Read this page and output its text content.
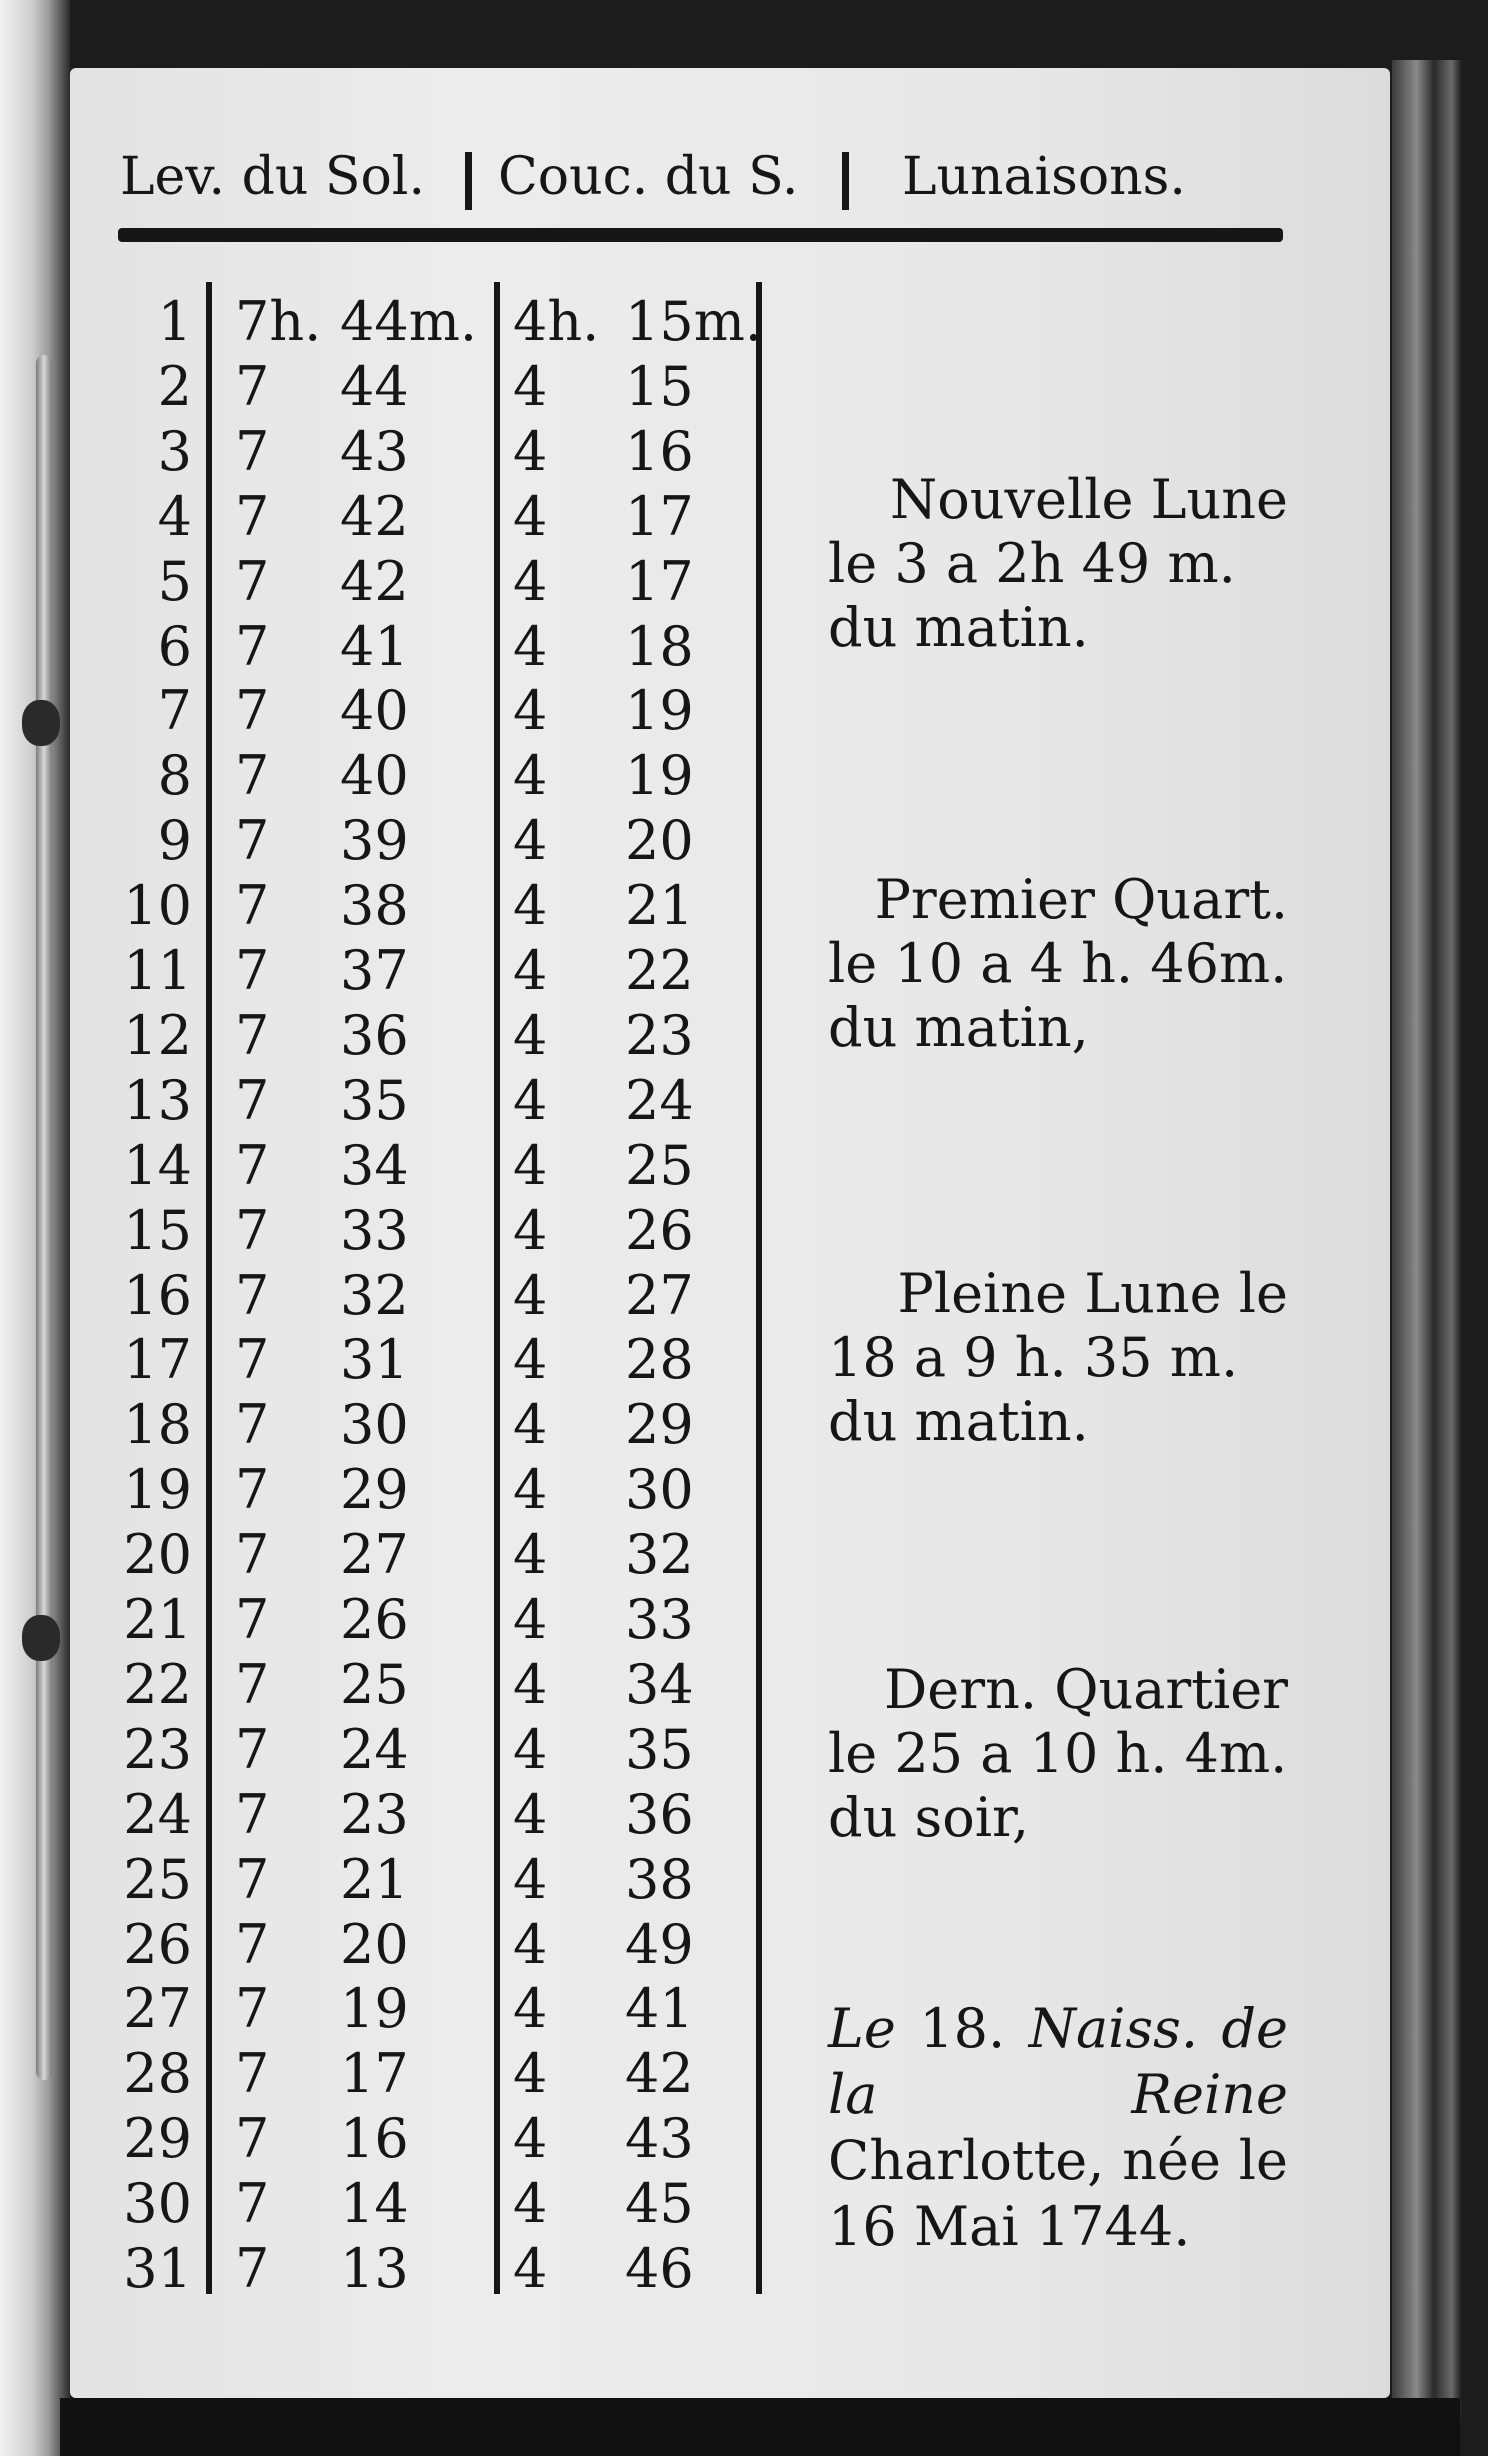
Lev. du Sol. Couc. du S. Lunaisons.
1 7h. 44m. 4h. 15m.
2 7 44 4 15
3 7 43 4 16
4 7 42 4 17
5 7 42 4 17
6 7 41 4 18
7 7 40 4 19
8 7 40 4 19
9 7 39 4 20
10 7 38 4 21
11 7 37 4 22
12 7 36 4 23
13 7 35 4 24
14 7 34 4 25
15 7 33 4 26
16 7 32 4 27
17 7 31 4 28
18 7 30 4 29
19 7 29 4 30
20 7 27 4 32
21 7 26 4 33
22 7 25 4 34
23 7 24 4 35
24 7 23 4 36
25 7 21 4 38
26 7 20 4 49
27 7 19 4 41
28 7 17 4 42
29 7 16 4 43
30 7 14 4 45
31 7 13 4 46
Nouvelle Lune
le 3 a 2h 49 m.
du matin.
Premier Quart.
le 10 a 4 h. 46m.
du matin,
Pleine Lune le
18 a 9 h. 35 m.
du matin.
Dern. Quartier
le 25 a 10 h. 4m.
du soir,
Le 18. Naiss. de la Reine Charlotte, née le 16 Mai 1744.
